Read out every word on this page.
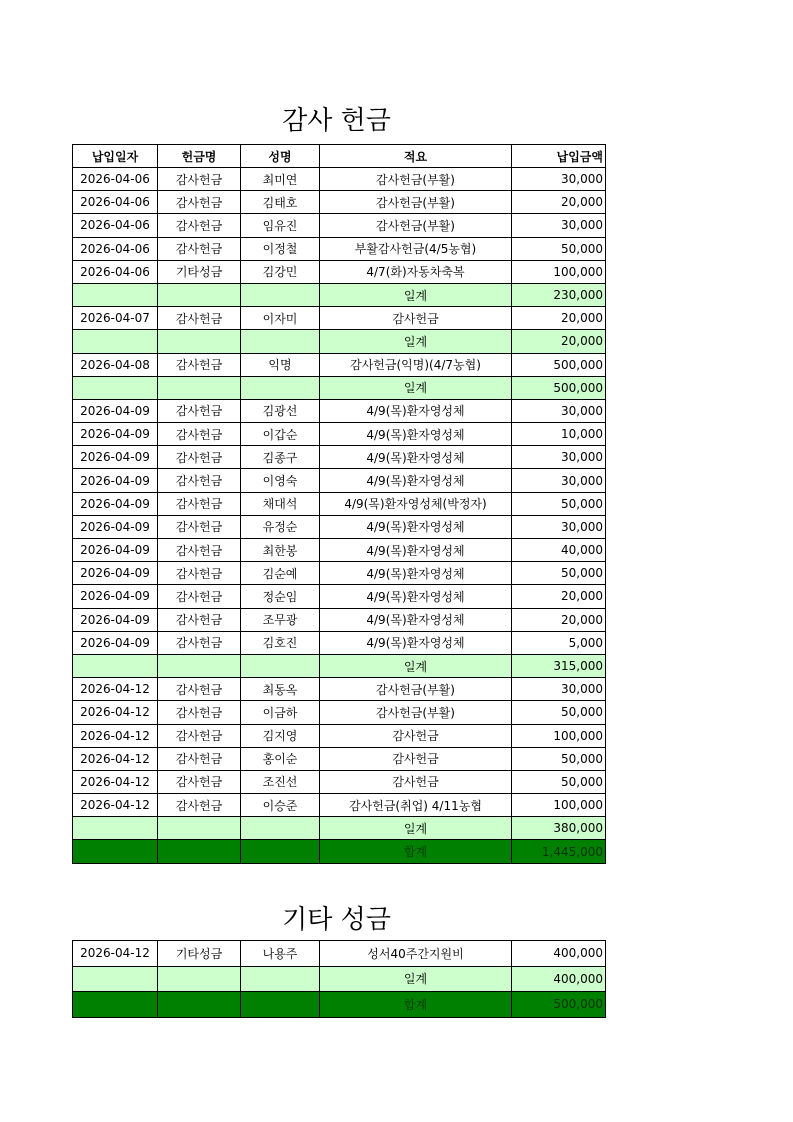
감사 헌금
납입일자	헌금명	성명	적요	납입금액
2026-04-06	감사헌금	최미연	감사헌금(부활)	30,000
2026-04-06	감사헌금	김태호	감사헌금(부활)	20,000
2026-04-06	감사헌금	임유진	감사헌금(부활)	30,000
2026-04-06	감사헌금	이정철	부활감사헌금(4/5농협)	50,000
2026-04-06	기타성금	김강민	4/7(화)자동차축복	100,000
			일계	230,000
2026-04-07	감사헌금	이자미	감사헌금	20,000
			일계	20,000
2026-04-08	감사헌금	익명	감사헌금(익명)(4/7농협)	500,000
			일계	500,000
2026-04-09	감사헌금	김광선	4/9(목)환자영성체	30,000
2026-04-09	감사헌금	이갑순	4/9(목)환자영성체	10,000
2026-04-09	감사헌금	김종구	4/9(목)환자영성체	30,000
2026-04-09	감사헌금	이영숙	4/9(목)환자영성체	30,000
2026-04-09	감사헌금	채대석	4/9(목)환자영성체(박정자)	50,000
2026-04-09	감사헌금	유정순	4/9(목)환자영성체	30,000
2026-04-09	감사헌금	최한봉	4/9(목)환자영성체	40,000
2026-04-09	감사헌금	김순예	4/9(목)환자영성체	50,000
2026-04-09	감사헌금	정순임	4/9(목)환자영성체	20,000
2026-04-09	감사헌금	조무광	4/9(목)환자영성체	20,000
2026-04-09	감사헌금	김호진	4/9(목)환자영성체	5,000
			일계	315,000
2026-04-12	감사헌금	최동옥	감사헌금(부활)	30,000
2026-04-12	감사헌금	이금하	감사헌금(부활)	50,000
2026-04-12	감사헌금	김지영	감사헌금	100,000
2026-04-12	감사헌금	홍이순	감사헌금	50,000
2026-04-12	감사헌금	조진선	감사헌금	50,000
2026-04-12	감사헌금	이승준	감사헌금(취업) 4/11농협	100,000
			일계	380,000
			합계	1,445,000
기타 성금
2026-04-12	기타성금	나용주	성서40주간지원비	400,000
			일계	400,000
			합계	500,000
